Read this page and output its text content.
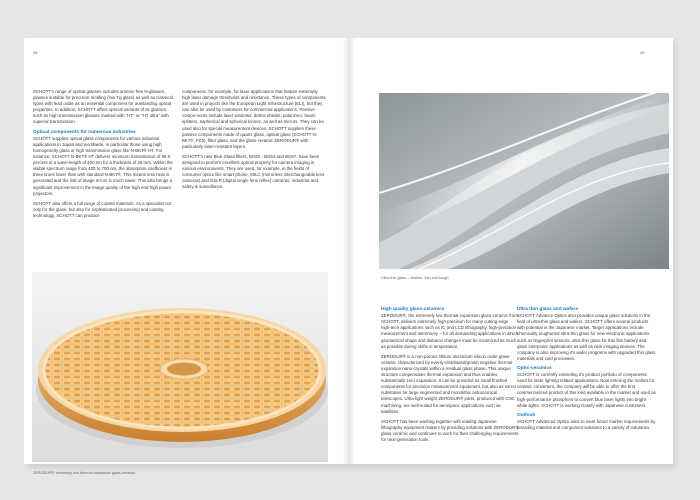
28

SCHOTT's range of optical glasses includes arsenic-free N-glasses, glasses suitable for precision molding (low Tg glass) as well as classical types with lead oxide as an essential component for outstanding optical properties. In addition, SCHOTT offers special variants of its glasses, such as high transmission glasses marked with "HT" or "HT ultra" with superior transmission.

Optical components for numerous industries

SCHOTT supplies optical glass components for various industrial applications in Japan and worldwide, in particular those using high homogeneity glass or high transmission glass like N-BK7® HT. For instance, SCHOTT N-BK7® HT delivers minimum transmission of 99.6 percent at a wave-length of 400 nm for a thickness of 25 mm. Within the visible spectrum range from 400 to 700 nm, the absorption coefficient is three times lower than with standard N-BK7®. This means less heat is generated and the risk of image errors is much lower. This also brings a significant improvement in the image quality of the high end high power projectors.

SCHOTT also offers a full range of coated materials. As a specialist not only for the glass, but also for sophisticated processing and coating technology, SCHOTT can produce

components, for example, for laser applications that feature extremely high laser damage thresholds and resistance. These types of components are used in projects like the European Light Infrastructure (ELI), but they can also be used by customers for commercial applications. Passive compo-nents include laser windows, debris shields, polarizers, beam splitters, aspherical and spherical lenses, as well as mirrors. They can be used also for special measurement devices. SCHOTT supplies these passive components made of quartz glass, optical glass (SCHOTT N-BK7®, FK5), filter glass, and the glass-ceramic ZERODUR® with particularly laser-resistant layers.

SCHOTT's new Blue Glass filters, BG60 - BG64 and BG67, have been designed to perform excellent optical property for camera imaging in various environments. They are used, for example, in the fields of consumer optics like smart-phone, MILC (mirrorless interchangeable lens cameras) and DSLR (digital single lens reflex) cameras, industrial and safety & surveillance.

ZERODUR® extremely low thermal expansion glass-ceramic
29
Ultra-thin glass – flexible, thin and tough
High quality glass-ceramics

ZERODUR®, the extremely low thermal expansion glass-ceramic from SCHOTT, delivers extremely high precision for many cutting-edge high-tech applications such as IC and LCD lithography, high-precision measurement and astronomy – for all demanding applications in which geometrical shape and distance changes must be minimized as much as possible during shifts in temperature.

ZERODUR® is a non-porous lithium aluminium silicon oxide glass-ceramic characterized by evenly-distributed/grown negative thermal expansion nano-crystals within a residual glass phase. This unique structure compensates thermal expansion and thus enables substantially zero expansion. It can be provided as small finished components for precision measurement equipment, but also as mirror substrates for large segmented and monolithic astronomical telescopes. Ultra-light weight ZERODUR® parts, produced with CNC machining, are well-suited for aerospace applications such as satellites.

SCHOTT has been working together with leading Japanese lithography equipment makers by providing solutions with ZERODUR® glass-ceramic and continues to work for their challenging requirements for next-generation tools.

Ultra thin glass and wafers

SCHOTT Advance Optics also provides unique glass solutions in the field of ultra-thin glass and wafers. SCHOTT offers several products with potential in the Japanese market. Target applications include chemically toughened ultra-thin glass for new electronic applications such as fingerprint sensors, ultra-thin glass for thin film battery and glass interposer applications as well as new imaging devices. The company is also improving it's wafer programs with upgraded thin glass materials and cold processes.

Optic-ceramics

SCHOTT is currently extending it's product portfolio of components used for laser lighting related applications. Now entering the market for ceramic converters, the company will be able to offer the first commercialized product of this kind available in the market and used as high-performance phosphors to convert blue laser lights into bright white lights. SCHOTT is working closely with Japanese customers.

Outlook

SCHOTT Advanced Optics aims to meet future market requirements by providing material and component solutions to a variety of industries.
